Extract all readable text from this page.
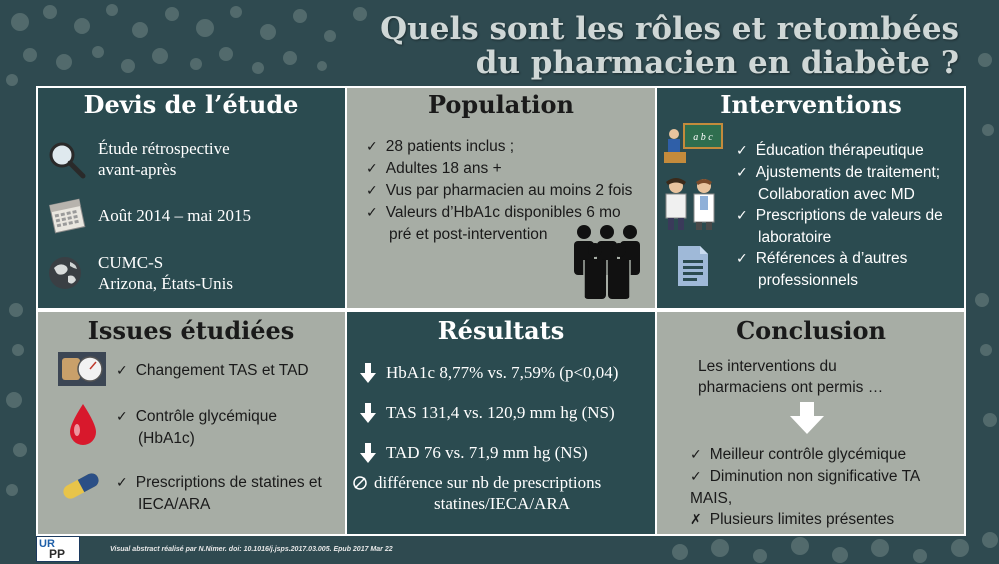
Quels sont les rôles et retombées
du pharmacien en diabète ?
Devis de l’étude
Étude rétrospective
avant-après
Août 2014 – mai 2015
CUMC-S
Arizona, États-Unis
Population
✓ 28 patients inclus ;
✓ Adultes 18 ans +
✓ Vus par pharmacien au moins 2 fois
✓ Valeurs d’HbA1c disponibles 6 mo
pré et post-intervention
Interventions
a b c
✓ Éducation thérapeutique
✓ Ajustements de traitement;
Collaboration avec MD
✓ Prescriptions de valeurs de
laboratoire
✓ Références à d’autres
professionnels
Issues étudiées
✓ Changement TAS et TAD
✓ Contrôle glycémique
(HbA1c)
✓ Prescriptions de statines et
IECA/ARA
Résultats
HbA1c 8,77% vs. 7,59% (p<0,04)
TAS 131,4 vs. 120,9 mm hg (NS)
TAD 76 vs. 71,9 mm hg (NS)
différence sur nb de prescriptions
statines/IECA/ARA
Conclusion
Les interventions du
pharmaciens ont permis …
✓ Meilleur contrôle glycémique
✓ Diminution non significative TA
MAIS,
✗ Plusieurs limites présentes
UR
PP	Visual abstract réalisé par N.Nimer. doi: 10.1016/j.jsps.2017.03.005. Epub 2017 Mar 22
